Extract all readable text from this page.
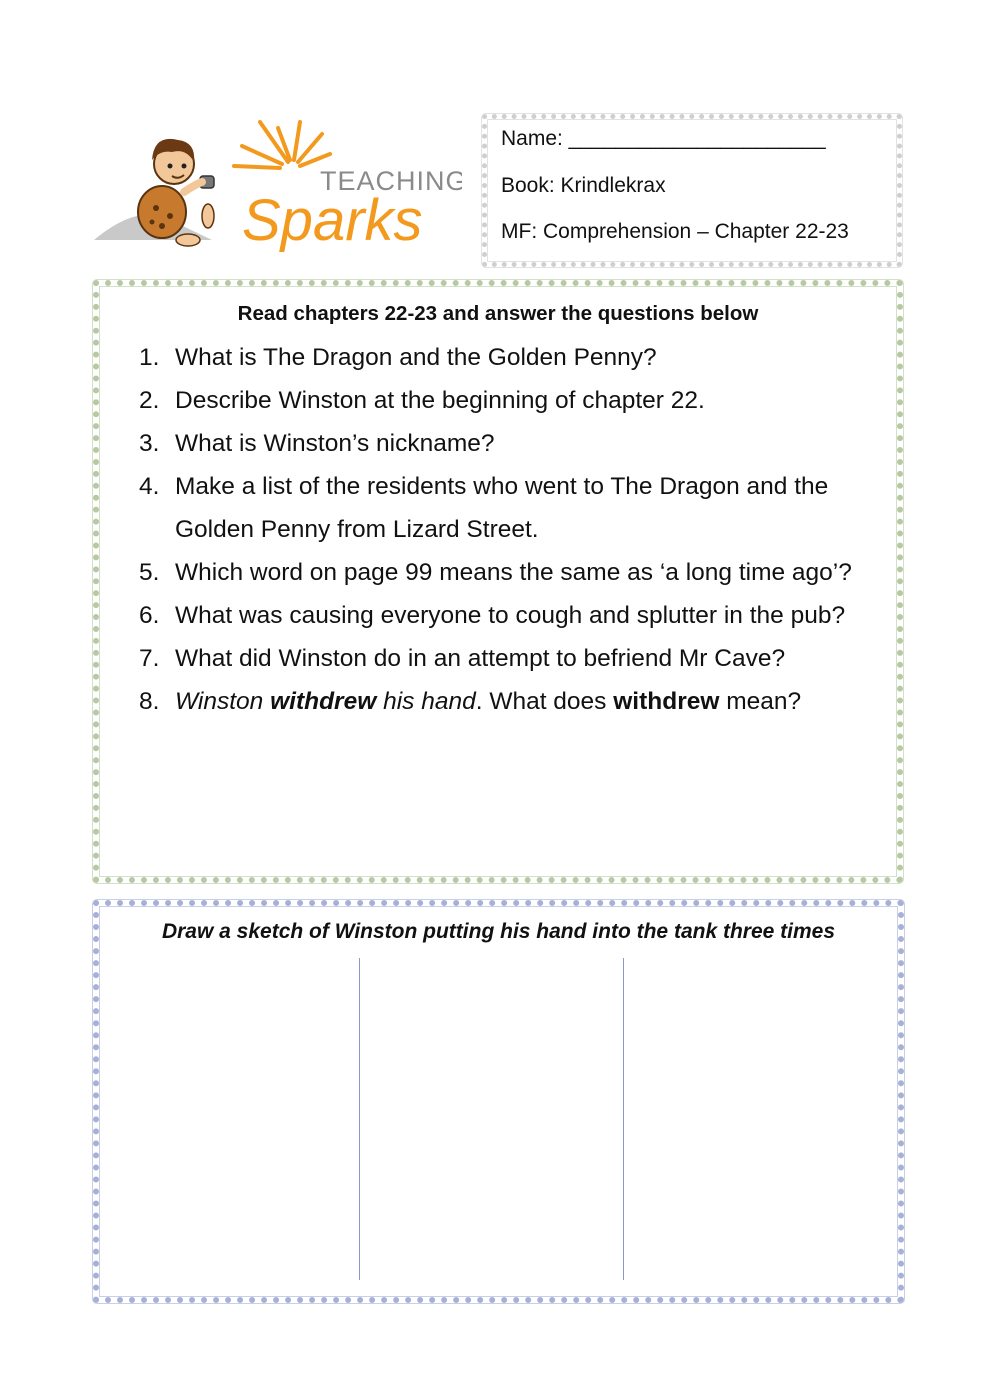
TEACHING
Sparks
Name: ______________________
Book: Krindlekrax
MF: Comprehension – Chapter 22-23
Read chapters 22-23 and answer the questions below
1. What is The Dragon and the Golden Penny?
2. Describe Winston at the beginning of chapter 22.
3. What is Winston’s nickname?
4. Make a list of the residents who went to The Dragon and the Golden Penny from Lizard Street.
5. Which word on page 99 means the same as ‘a long time ago’?
6. What was causing everyone to cough and splutter in the pub?
7. What did Winston do in an attempt to befriend Mr Cave?
8. Winston withdrew his hand. What does withdrew mean?
Draw a sketch of Winston putting his hand into the tank three times
